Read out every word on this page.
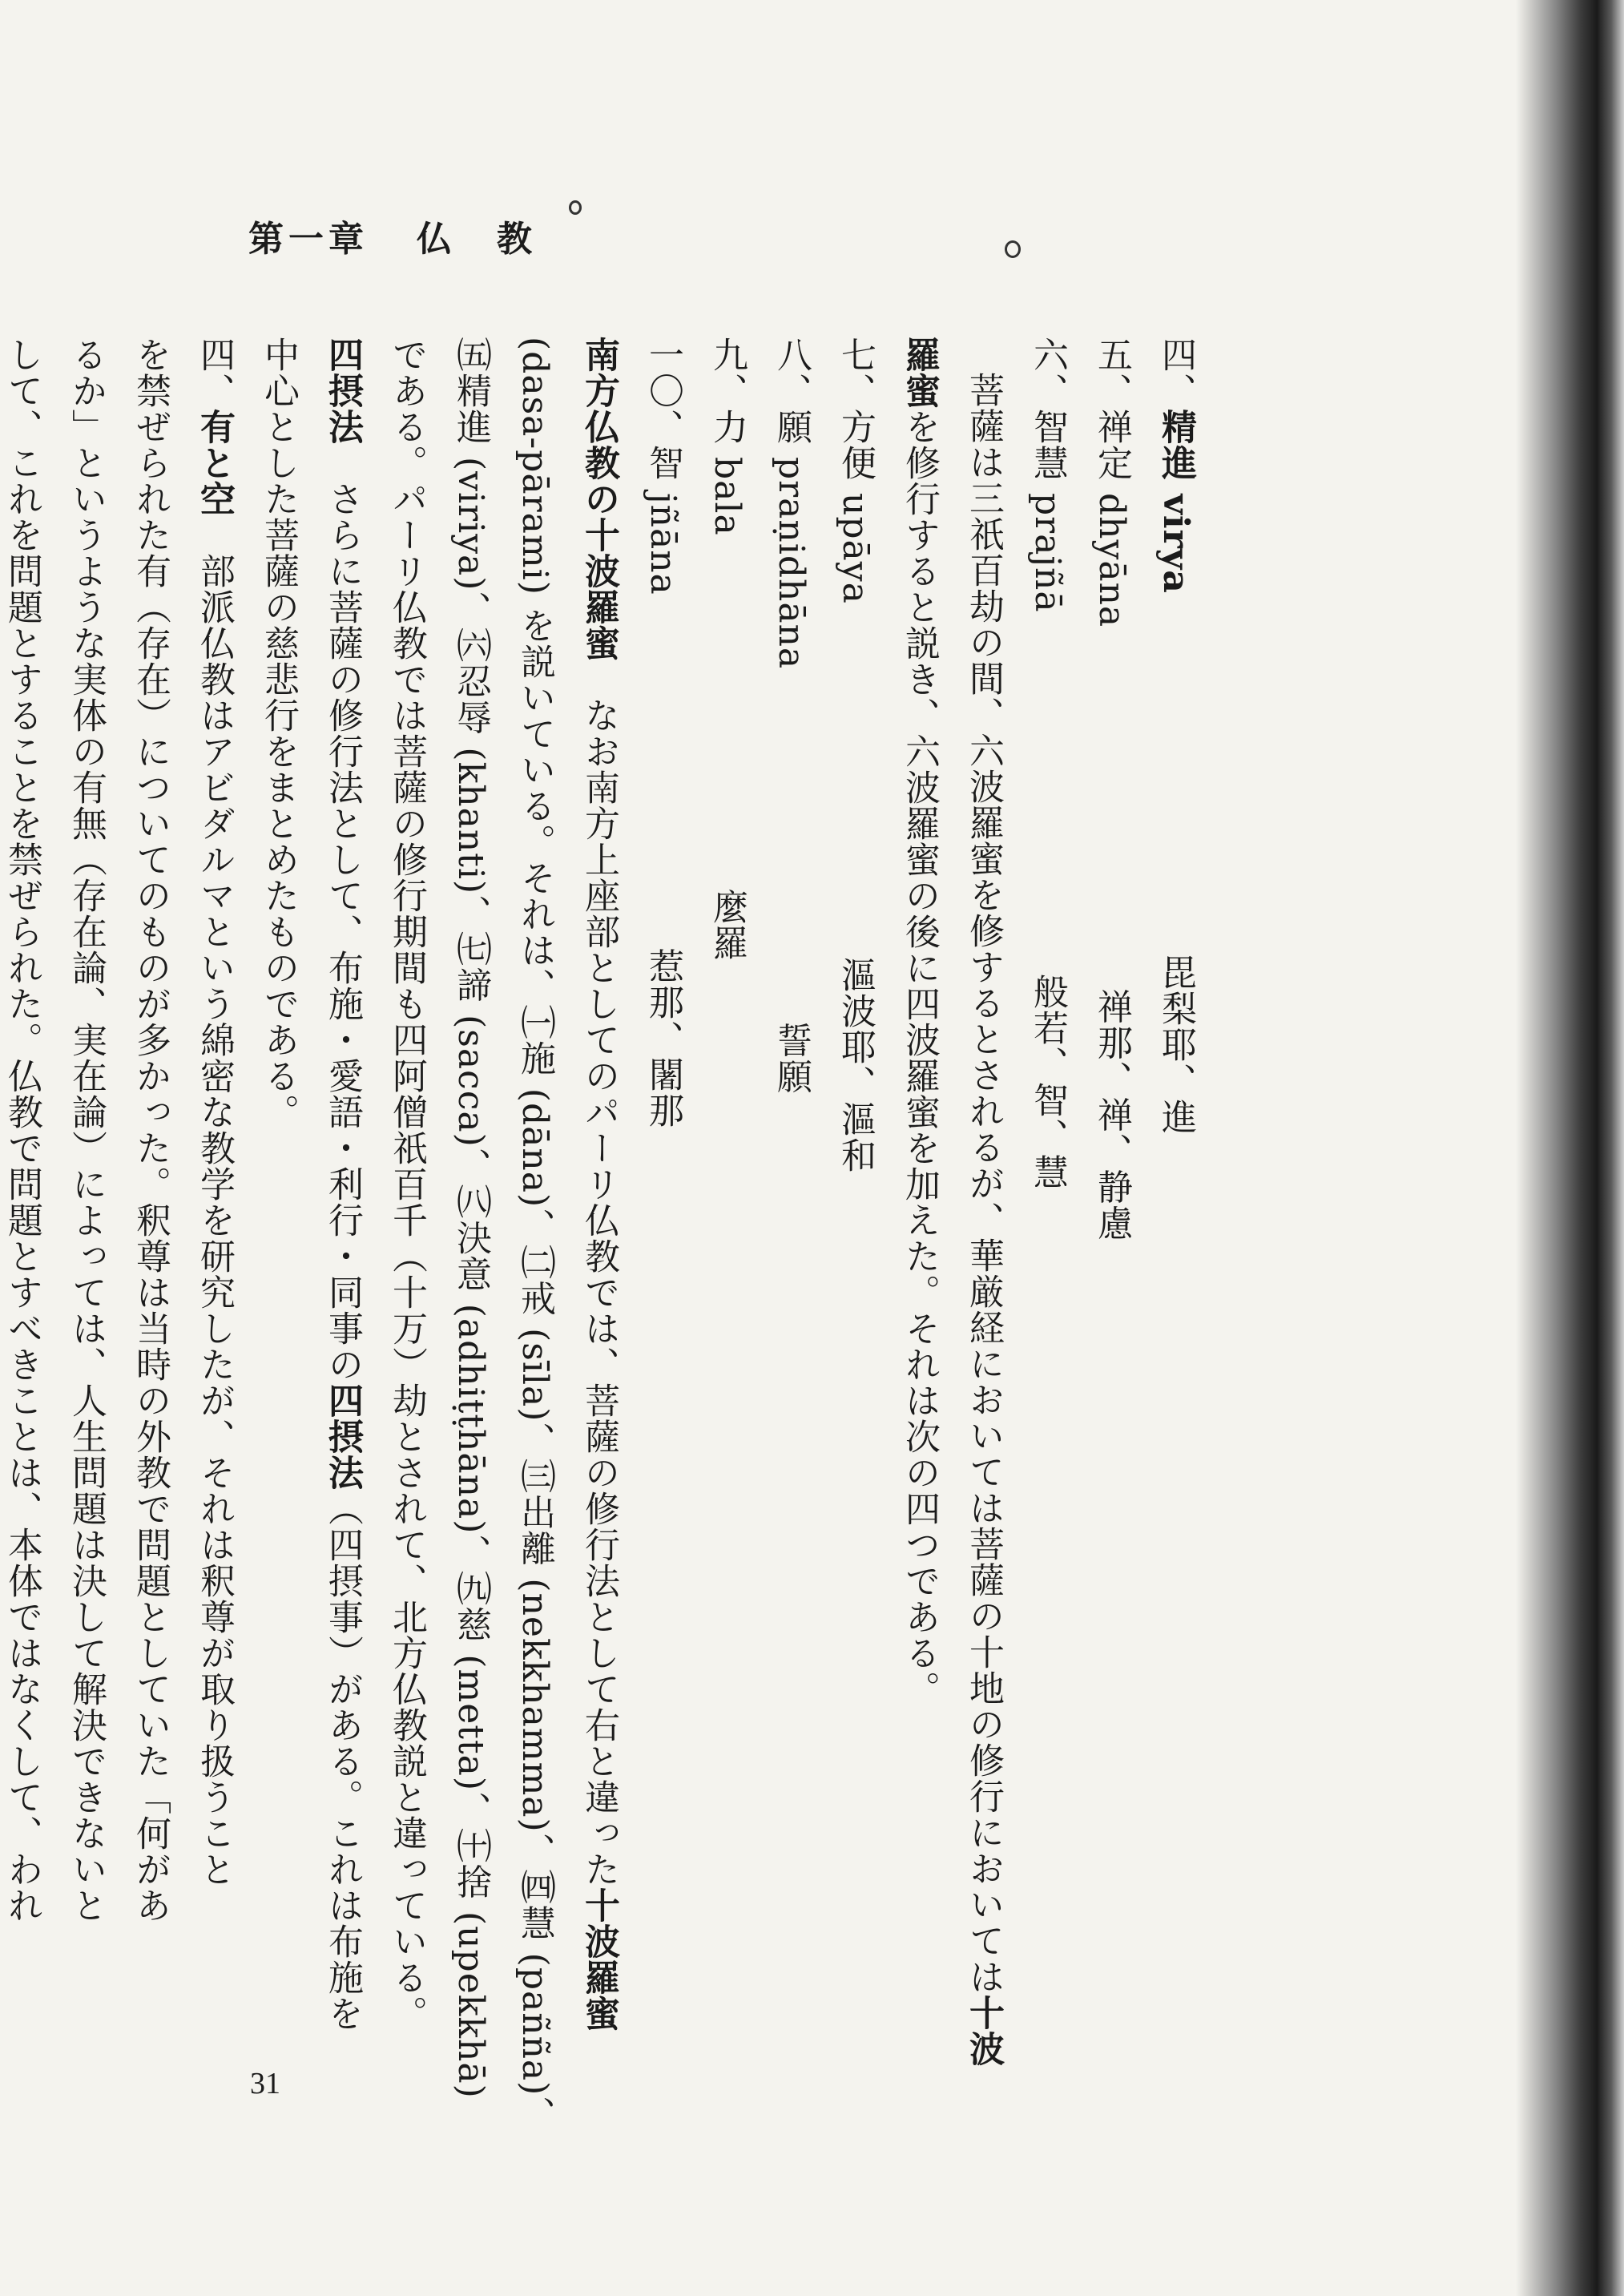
第一章 仏　教
四、精進 virya毘梨耶、進
五、禅定 dhyāna禅那、禅、静慮
六、智慧 prajñā般若、智、慧
菩薩は三祇百劫の間、六波羅蜜を修するとされるが、華厳経においては菩薩の十地の修行においては十波
羅蜜を修行すると説き、六波羅蜜の後に四波羅蜜を加えた。それは次の四つである。
七、方便 upāya漚波耶、漚和
八、願 praṇidhāna誓願
九、力 bala麼羅
一〇、智 jñāna惹那、闍那
南方仏教の十波羅蜜　なお南方上座部としてのパーリ仏教では、菩薩の修行法として右と違った十波羅蜜
(dasa-pārami) を説いている。それは、㈠施 (dāna)、㈡戒 (sīla)、㈢出離 (nekkhamma)、㈣慧 (pañña)、
㈤精進 (viriya)、㈥忍辱 (khanti)、㈦諦 (sacca)、㈧決意 (adhiṭṭhāna)、㈨慈 (metta)、㈩捨 (upekkhā)
である。パーリ仏教では菩薩の修行期間も四阿僧祇百千（十万）劫とされて、北方仏教説と違っている。
四摂法　さらに菩薩の修行法として、布施・愛語・利行・同事の四摂法（四摂事）がある。これは布施を
中心とした菩薩の慈悲行をまとめたものである。
四、有と空　部派仏教はアビダルマという綿密な教学を研究したが、それは釈尊が取り扱うこと
を禁ぜられた有（存在）についてのものが多かった。釈尊は当時の外教で問題としていた「何があ
るか」というような実体の有無（存在論、実在論）によっては、人生問題は決して解決できないと
して、これを問題とすることを禁ぜられた。仏教で問題とすべきことは、本体ではなくして、われ
31
